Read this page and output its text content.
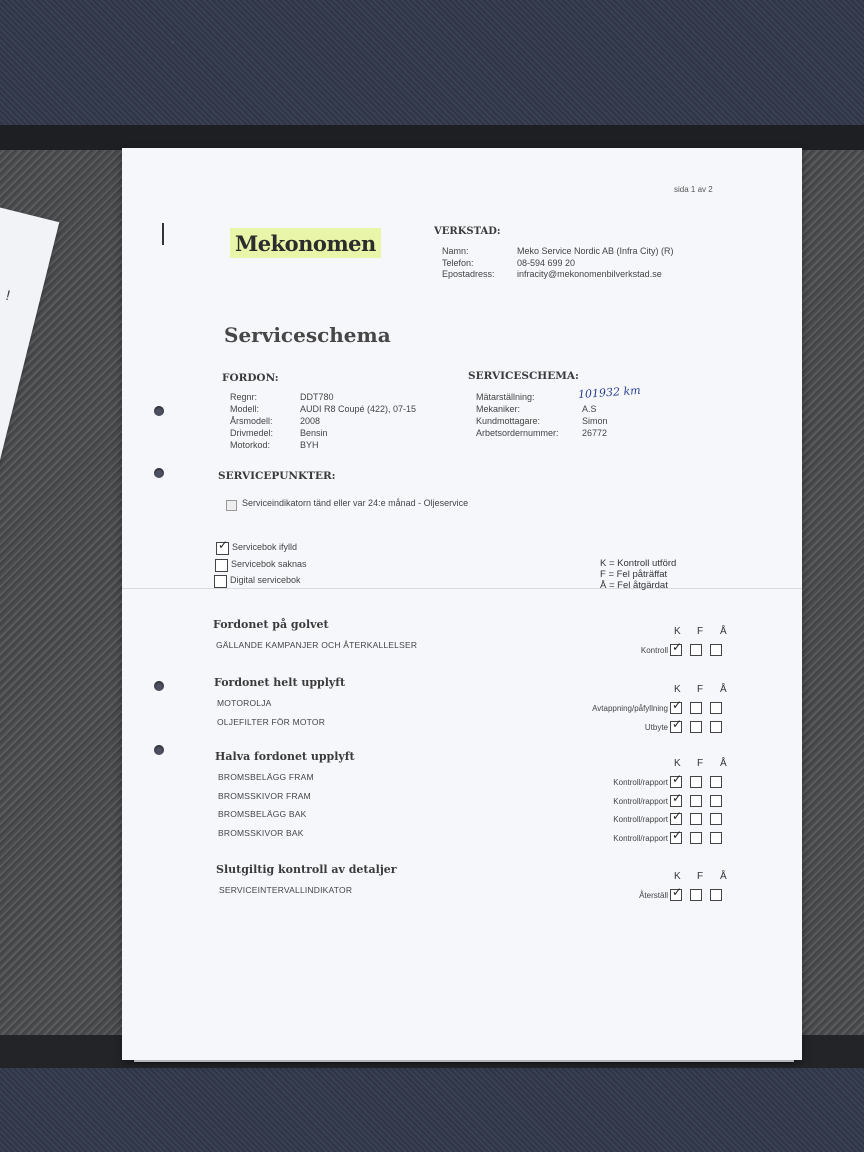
!
sida 1 av 2
Mekonomen	VERKSTAD:
Namn:	Meko Service Nordic AB (Infra City) (R)
Telefon:	08-594 699 20
Epostadress: infracity@mekonomenbilverkstad.se
Serviceschema
FORDON:
Regnr:	DDT780
Modell:	AUDI R8 Coupé (422), 07-15
Årsmodell:	2008
Drivmedel:	Bensin
Motorkod:	BYH
SERVICESCHEMA:
101932 km
Mätarställning:
Mekaniker:	A.S
Kundmottagare:	Simon
Arbetsordernummer:	26772
SERVICEPUNKTER:
Serviceindikatorn tänd eller var 24:e månad - Oljeservice
✓ Servicebok ifylld
Servicebok saknas
Digital servicebok
K = Kontroll utförd
F = Fel påträffat
Å = Fel åtgärdat
Fordonet på golvet
K F Å
GÄLLANDE KAMPANJER OCH ÅTERKALLELSER
Kontroll ✓
Fordonet helt upplyft
K F Å
MOTOROLJA
Avtappning/påfyllning ✓
OLJEFILTER FÖR MOTOR
Utbyte ✓
Halva fordonet upplyft
K F Å
BROMSBELÄGG FRAM
Kontroll/rapport ✓
BROMSSKIVOR FRAM
Kontroll/rapport ✓
BROMSBELÄGG BAK
Kontroll/rapport ✓
BROMSSKIVOR BAK
Kontroll/rapport ✓
Slutgiltig kontroll av detaljer
K F Å
SERVICEINTERVALLINDIKATOR
Återställ ✓
